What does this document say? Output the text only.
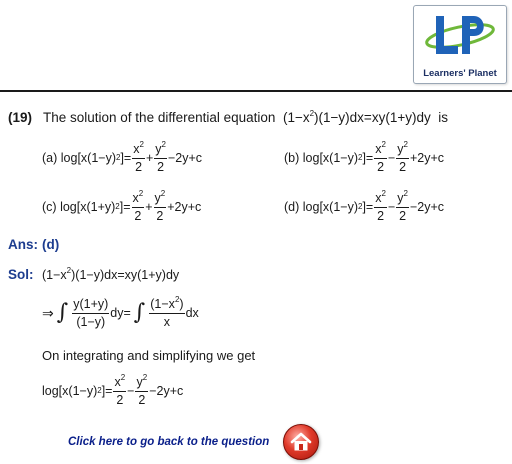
Learners' Planet
(19) The solution of the differential equation $(1-x^2)(1-y)dx=xy(1+y)dy$ is
(a)
log[x(1−y) 2 ]= $\frac{x^2}{2} + \frac{y^2}{2} -2y+c$	(b)
log[x(1−y) 2 ]= $\frac{x^2}{2} - \frac{y^2}{2} +2y+c$
(c)
log[x(1+y) 2 ]= $\frac{x^2}{2} + \frac{y^2}{2} +2y+c$	(d)
log[x(1−y) 2 ]= $\frac{x^2}{2} - \frac{y^2}{2} -2y+c$
Ans: (d)
Sol: $(1-x^2)(1-y)dx=xy(1+y)dy$
⇒ ∫ $\frac{y(1+y)}{(1-y)} dy=$ ∫ $\frac{(1-x^2)}{x}$ dx
On integrating and simplifying we get
log[x(1−y) 2 ]= $\frac{x^2}{2} - \frac{y^2}{2} -2y+c$
Click here to go back to the question
